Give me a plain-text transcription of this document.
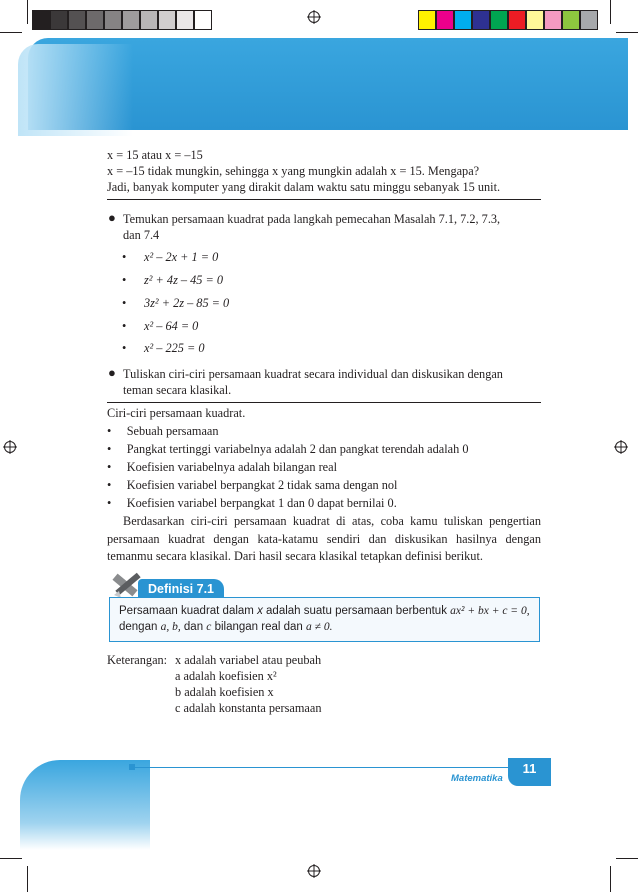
x = 15 atau x = –15
x = –15 tidak mungkin, sehingga x yang mungkin adalah x = 15. Mengapa?
Jadi, banyak komputer yang dirakit dalam waktu satu minggu sebanyak 15 unit.
● Temukan persamaan kuadrat pada langkah pemecahan Masalah 7.1, 7.2, 7.3,
dan 7.4
• x² – 2x + 1 = 0
• z² + 4z – 45 = 0
• 3z² + 2z – 85 = 0
• x² – 64 = 0
• x² – 225 = 0
● Tuliskan ciri-ciri persamaan kuadrat secara individual dan diskusikan dengan
teman secara klasikal.
Ciri-ciri persamaan kuadrat.
•     Sebuah persamaan
•     Pangkat tertinggi variabelnya adalah 2 dan pangkat terendah adalah 0
•     Koefisien variabelnya adalah bilangan real
•     Koefisien variabel berpangkat 2 tidak sama dengan nol
•     Koefisien variabel berpangkat 1 dan 0 dapat bernilai 0.
Berdasarkan ciri-ciri persamaan kuadrat di atas, coba kamu tuliskan pengertian persamaan kuadrat dengan kata-katamu sendiri dan diskusikan hasilnya dengan temanmu secara klasikal. Dari hasil secara klasikal tetapkan definisi berikut.
Definisi 7.1
Persamaan kuadrat dalam x adalah suatu persamaan berbentuk ax² + bx + c = 0,
dengan a, b, dan c bilangan real dan a ≠ 0.
Keterangan: x adalah variabel atau peubah
a adalah koefisien x²
b adalah koefisien x
c adalah konstanta persamaan
Matematika
11
